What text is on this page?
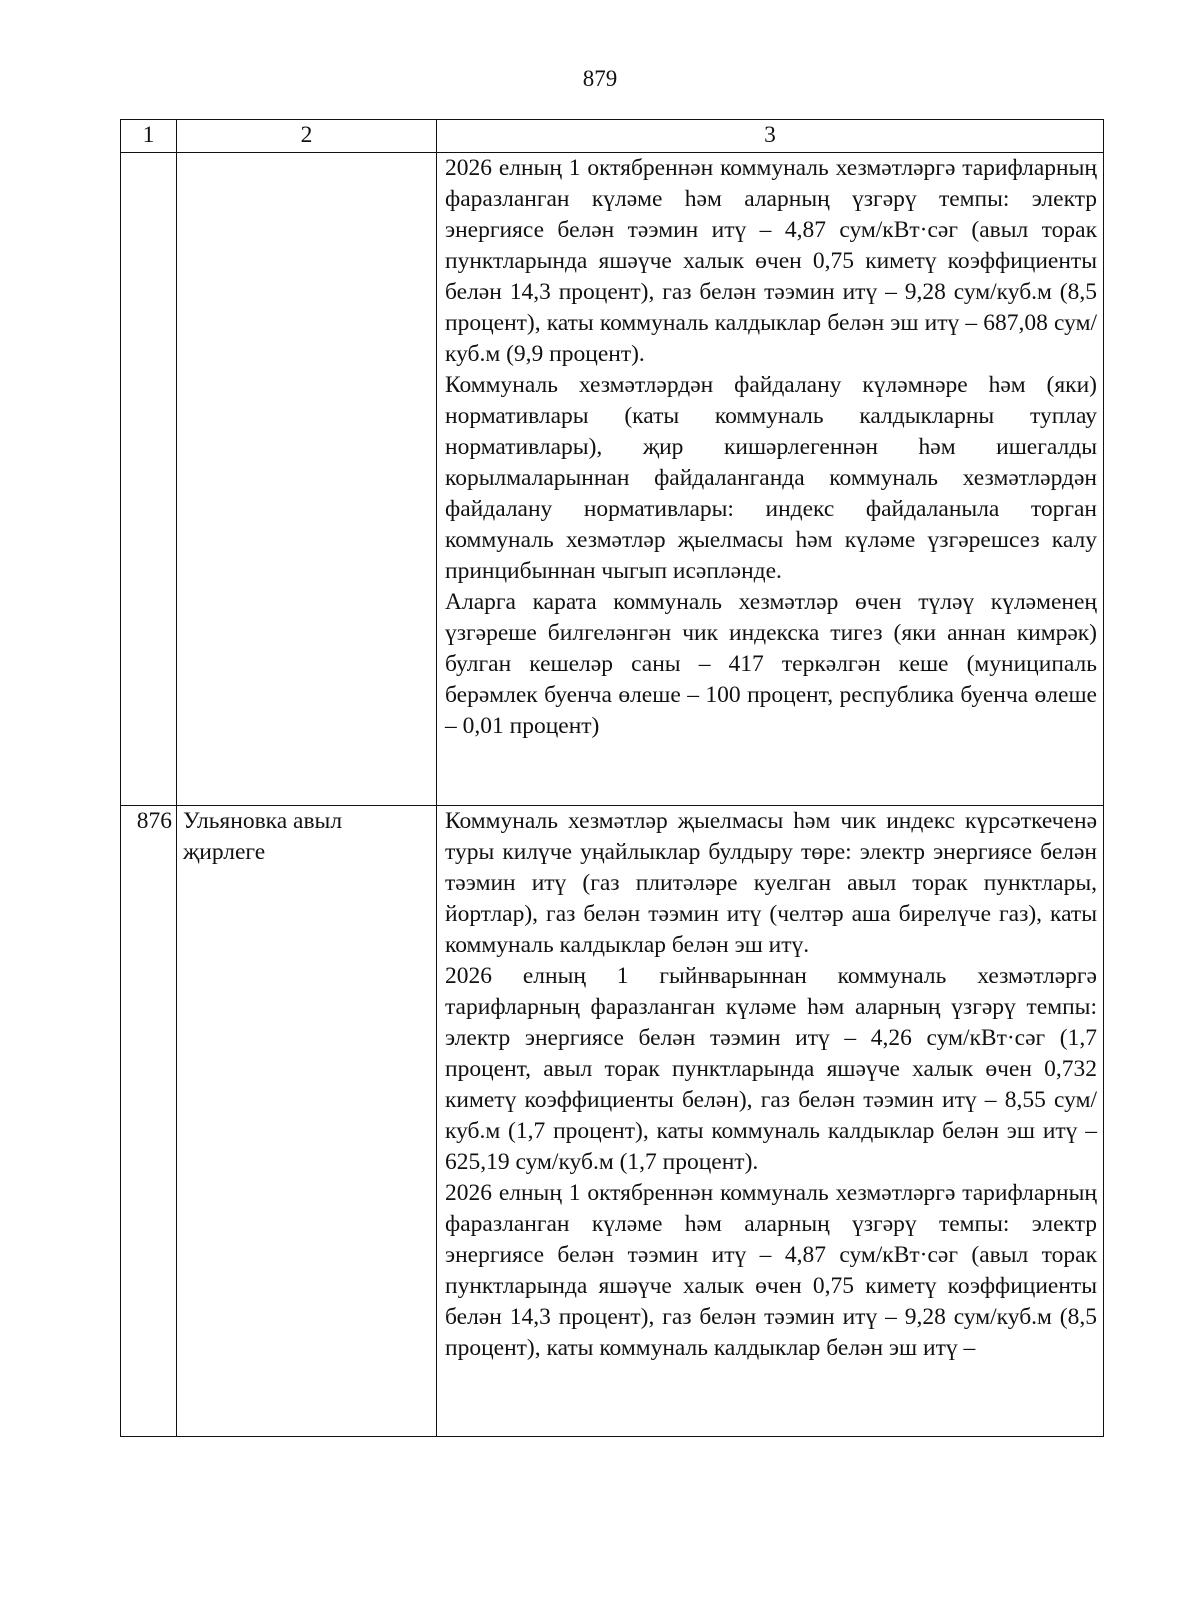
879
1	2	3

		2026 елның 1 октябреннән коммуналь хезмәтләргә тарифларның фаразланган күләме һәм аларның үзгәрү темпы: электр энергиясе белән тәэмин итү – 4,87 сум/кВт·сәг (авыл торак пунктларында яшәүче халык өчен 0,75 киметү коэффициенты белән 14,3 процент), газ белән тәэмин итү – 9,28 сум/куб.м (8,5 процент), каты коммуналь калдыклар белән эш итү – 687,08 сум/куб.м (9,9 процент).

Коммуналь хезмәтләрдән файдалану күләмнәре һәм (яки) нормативлары (каты коммуналь калдыкларны туплау нормативлары), җир кишәрлегеннән һәм ишегалды корылмаларыннан файдаланганда коммуналь хезмәтләрдән файдалану нормативлары: индекс файдаланыла торган коммуналь хезмәтләр җыелмасы һәм күләме үзгәрешсез калу принцибыннан чыгып исәпләнде.

Аларга карата коммуналь хезмәтләр өчен түләү күләменең үзгәреше билгеләнгән чик индекска тигез (яки аннан кимрәк) булган кешеләр саны – 417 теркәлгән кеше (муниципаль берәмлек буенча өлеше – 100 процент, республика буенча өлеше – 0,01 процент)

876	Ульяновка авыл җирлеге	Коммуналь хезмәтләр җыелмасы һәм чик индекс күрсәткеченә туры килүче уңайлыклар булдыру төре: электр энергиясе белән тәэмин итү (газ плитәләре куелган авыл торак пунктлары, йортлар), газ белән тәэмин итү (челтәр аша бирелүче газ), каты коммуналь калдыклар белән эш итү.

2026 елның 1 гыйнварыннан коммуналь хезмәтләргә тарифларның фаразланган күләме һәм аларның үзгәрү темпы: электр энергиясе белән тәэмин итү – 4,26 сум/кВт·сәг (1,7 процент, авыл торак пунктларында яшәүче халык өчен 0,732 киметү коэффициенты белән), газ белән тәэмин итү – 8,55 сум/куб.м (1,7 процент), каты коммуналь калдыклар белән эш итү – 625,19 сум/куб.м (1,7 процент).

2026 елның 1 октябреннән коммуналь хезмәтләргә тарифларның фаразланган күләме һәм аларның үзгәрү темпы: электр энергиясе белән тәэмин итү – 4,87 сум/кВт·сәг (авыл торак пунктларында яшәүче халык өчен 0,75 киметү коэффициенты белән 14,3 процент), газ белән тәэмин итү – 9,28 сум/куб.м (8,5 процент), каты коммуналь калдыклар белән эш итү –
